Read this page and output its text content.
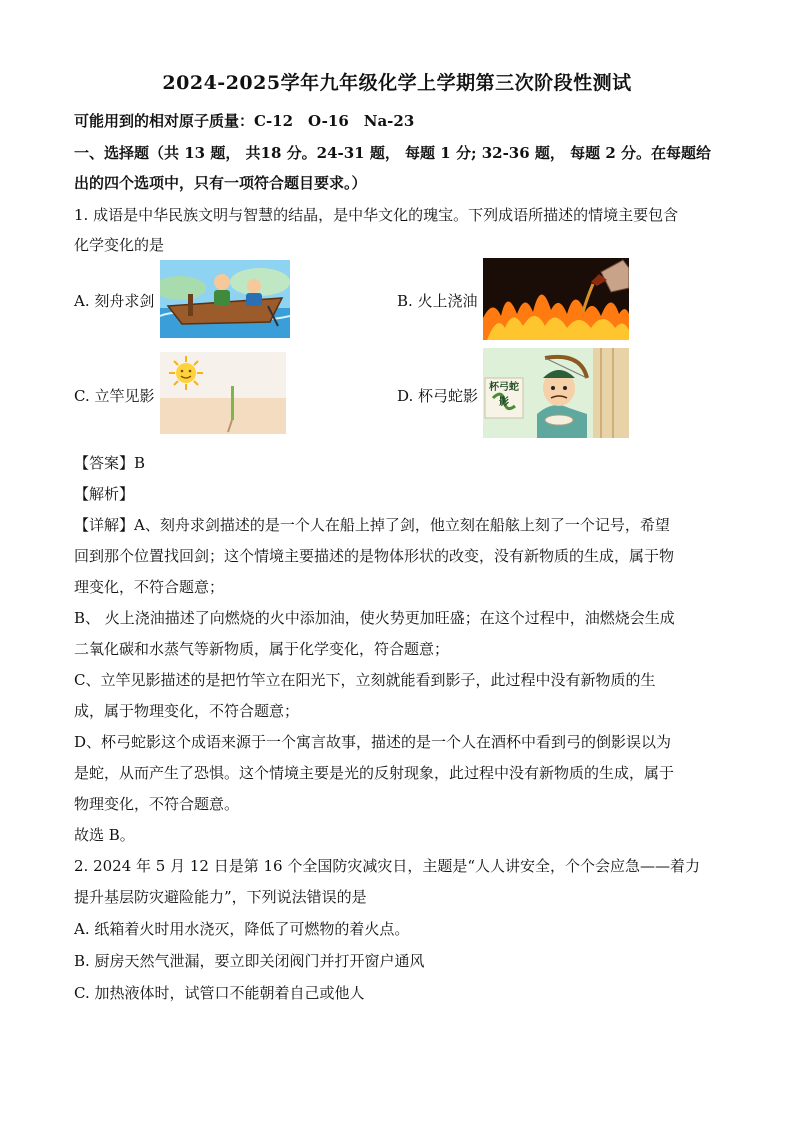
2024-2025学年九年级化学上学期第三次阶段性测试
可能用到的相对原子质量：C-12　O-16　Na-23
一、选择题（共 13 题， 共18 分。24-31 题， 每题 1 分; 32-36 题， 每题 2 分。在每题给
出的四个选项中，只有一项符合题目要求。）
1. 成语是中华民族文明与智慧的结晶，是中华文化的瑰宝。下列成语所描述的情境主要包含
化学变化的是
A. 刻舟求剑	B. 火上浇油
C. 立竿见影	D. 杯弓蛇影	杯弓蛇影
【答案】B
【解析】
【详解】A、刻舟求剑描述的是一个人在船上掉了剑，他立刻在船舷上刻了一个记号，希望
回到那个位置找回剑；这个情境主要描述的是物体形状的改变，没有新物质的生成，属于物
理变化，不符合题意；
B、 火上浇油描述了向燃烧的火中添加油，使火势更加旺盛；在这个过程中，油燃烧会生成
二氧化碳和水蒸气等新物质，属于化学变化，符合题意；
C、立竿见影描述的是把竹竿立在阳光下，立刻就能看到影子，此过程中没有新物质的生
成，属于物理变化，不符合题意；
D、杯弓蛇影这个成语来源于一个寓言故事，描述的是一个人在酒杯中看到弓的倒影误以为
是蛇，从而产生了恐惧。这个情境主要是光的反射现象，此过程中没有新物质的生成，属于
物理变化，不符合题意。
故选 B。
2. 2024 年 5 月 12 日是第 16 个全国防灾减灾日，主题是“人人讲安全，个个会应急——着力
提升基层防灾避险能力”，下列说法错误的是
A. 纸箱着火时用水浇灭，降低了可燃物的着火点。
B. 厨房天然气泄漏，要立即关闭阀门并打开窗户通风
C. 加热液体时，试管口不能朝着自己或他人
